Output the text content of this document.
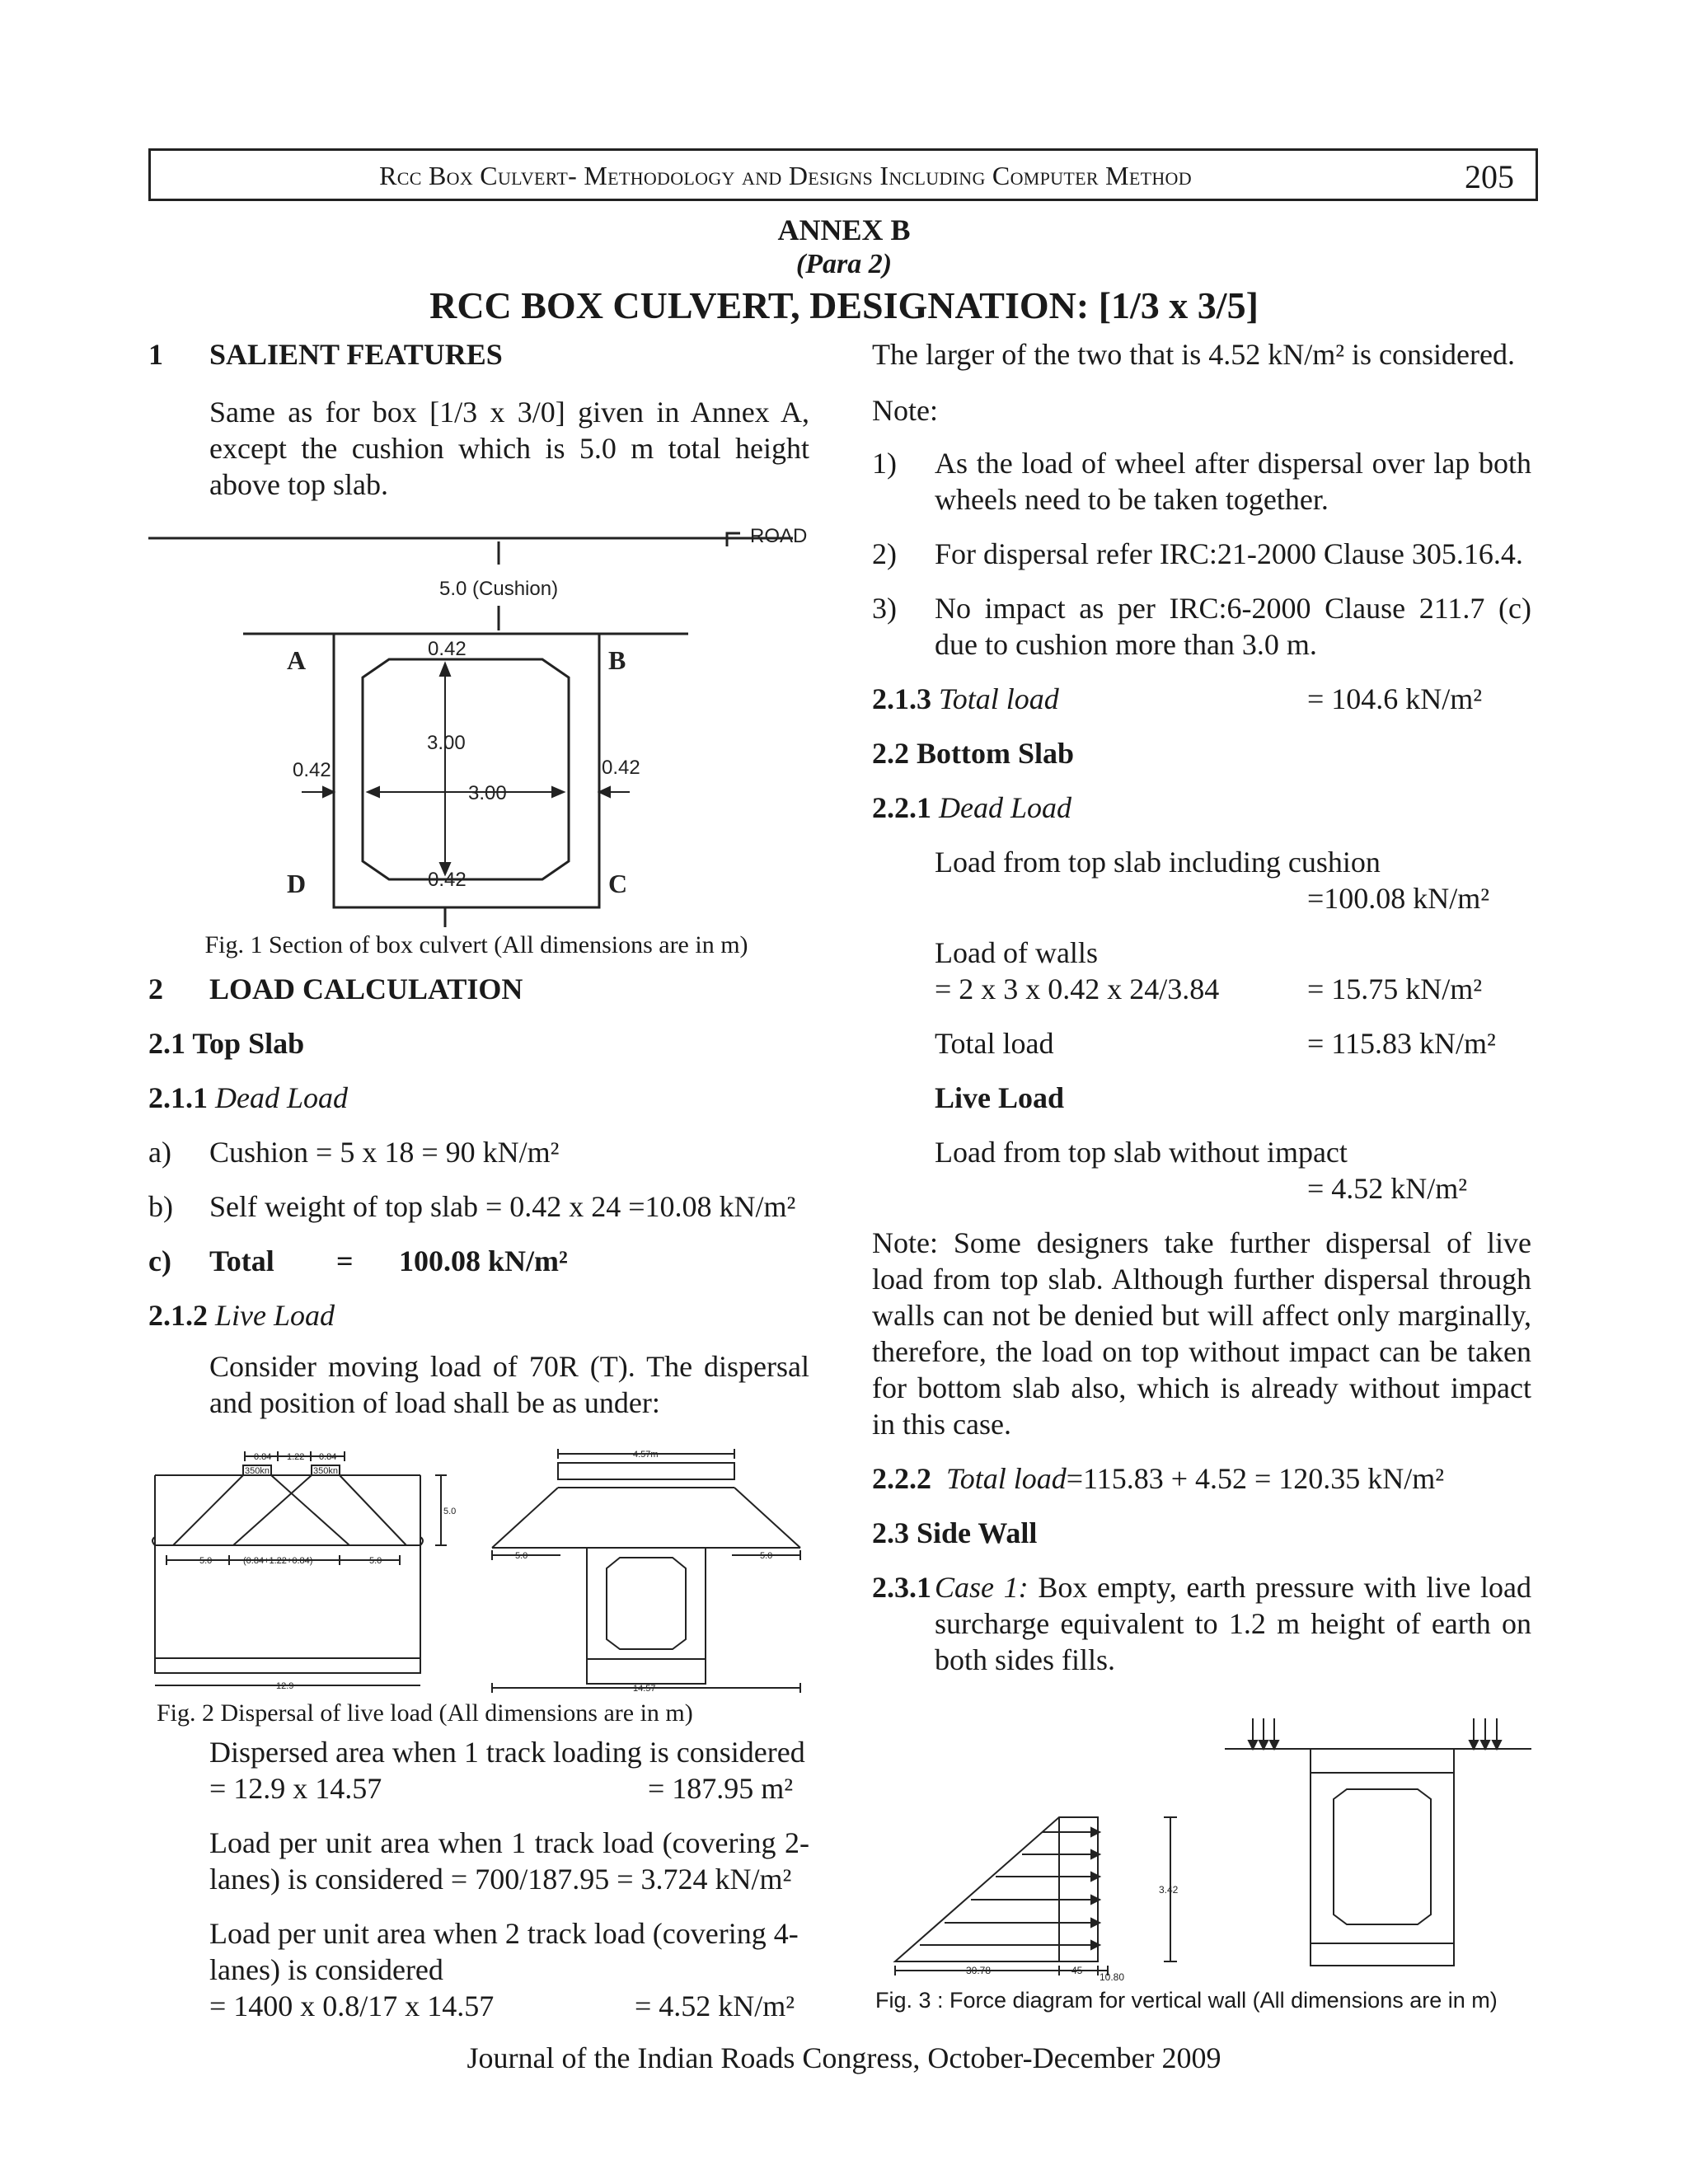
Rcc Box Culvert- Methodology and Designs Including Computer Method	205
ANNEX B
(Para 2)
RCC BOX CULVERT, DESIGNATION: [1/3 x 3/5]
1 SALIENT FEATURES
Same as for box [1/3 x 3/0] given in Annex A, except the cushion which is 5.0 m total height above top slab.
ROAD
5.0 (Cushion)
0.42
3.00
3.00
0.42	0.42
0.42
A	B
D	C
Fig. 1 Section of box culvert (All dimensions are in m)
2 LOAD CALCULATION
2.1 Top Slab
2.1.1 Dead Load
a) Cushion = 5 x 18 = 90 kN/m²
b) Self weight of top slab = 0.42 x 24 =10.08 kN/m²
c) Total = 100.08 kN/m²
2.1.2 Live Load
Consider moving load of 70R (T). The dispersal and position of load shall be as under:
0.84 1.22 0.84
350kn	350kn
5.0
5.0	(0.84+1.22+0.84)	5.0
12.9
4.57m
5.0	5.0
14.57
Fig. 2 Dispersal of live load (All dimensions are in m)
Dispersed area when 1 track loading is considered
= 12.9 x 14.57	= 187.95 m²
Load per unit area when 1 track load (covering 2-lanes) is considered = 700/187.95 = 3.724 kN/m²
Load per unit area when 2 track load (covering 4-lanes) is considered
= 1400 x 0.8/17 x 14.57	= 4.52 kN/m²
The larger of the two that is 4.52 kN/m² is considered.
Note:
1) As the load of wheel after dispersal over lap both wheels need to be taken together.
2) For dispersal refer IRC:21-2000 Clause 305.16.4.
3) No impact as per IRC:6-2000 Clause 211.7 (c) due to cushion more than 3.0 m.
2.1.3 Total load	= 104.6 kN/m²
2.2 Bottom Slab
2.2.1 Dead Load
Load from top slab including cushion
=100.08 kN/m²
Load of walls
= 2 x 3 x 0.42 x 24/3.84	= 15.75 kN/m²
Total load	= 115.83 kN/m²
Live Load
Load from top slab without impact
= 4.52 kN/m²
Note: Some designers take further dispersal of live load from top slab. Although further dispersal through walls can not be denied but will affect only marginally, therefore, the load on top without impact can be taken for bottom slab also, which is already without impact in this case.
2.2.2 Total load=115.83 + 4.52 = 120.35 kN/m²
2.3 Side Wall
2.3.1 Case 1: Box empty, earth pressure with live load surcharge equivalent to 1.2 m height of earth on both sides fills.
3.42
30.78	45
10.80
Fig. 3 : Force diagram for vertical wall (All dimensions are in m)
Journal of the Indian Roads Congress, October-December 2009
